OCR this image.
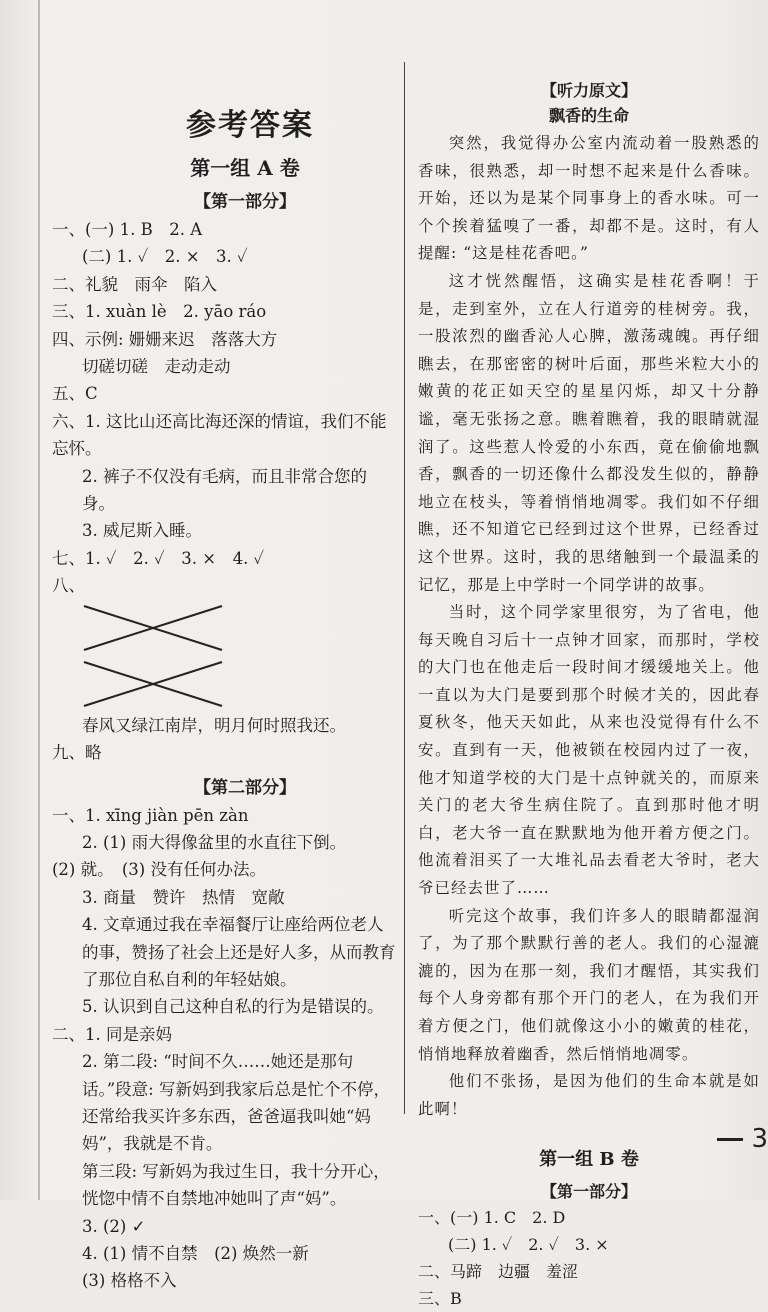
参考答案
第一组 A 卷
【第一部分】
一、(一) 1. B　2. A
(二) 1. ✓　2. ×　3. ✓
二、礼貌　雨伞　陷入
三、1. xuàn lè　2. yāo ráo
四、示例: 姗姗来迟　落落大方
切磋切磋　走动走动
五、C
六、1. 这比山还高比海还深的情谊，我们不能忘怀。
2. 裤子不仅没有毛病，而且非常合您的身。
3. 威尼斯入睡。
七、1. ✓　2. ✓　3. ×　4. ✓
八、
春风又绿江南岸，明月何时照我还。
九、略
【第二部分】
一、1. xīng jiàn pēn zàn
2. (1) 雨大得像盆里的水直往下倒。
(2) 就。　(3) 没有任何办法。
3. 商量　赞许　热情　宽敞
4. 文章通过我在幸福餐厅让座给两位老人的事，赞扬了社会上还是好人多，从而教育了那位自私自利的年轻姑娘。
5. 认识到自己这种自私的行为是错误的。
二、1. 同是亲妈
2. 第二段: “时间不久……她还是那句话。”段意: 写新妈到我家后总是忙个不停，还常给我买许多东西，爸爸逼我叫她“妈妈”，我就是不肯。
第三段: 写新妈为我过生日，我十分开心，恍惚中情不自禁地冲她叫了声“妈”。
3. (2) ✓
4. (1) 情不自禁　(2) 焕然一新
(3) 格格不入
【听力原文】
飘香的生命

突然，我觉得办公室内流动着一股熟悉的香味，很熟悉，却一时想不起来是什么香味。开始，还以为是某个同事身上的香水味。可一个个挨着猛嗅了一番，却都不是。这时，有人提醒: “这是桂花香吧。”

这才恍然醒悟，这确实是桂花香啊！于是，走到室外，立在人行道旁的桂树旁。我，一股浓烈的幽香沁人心脾，激荡魂魄。再仔细瞧去，在那密密的树叶后面，那些米粒大小的嫩黄的花正如天空的星星闪烁，却又十分静谧，毫无张扬之意。瞧着瞧着，我的眼睛就湿润了。这些惹人怜爱的小东西，竟在偷偷地飘香，飘香的一切还像什么都没发生似的，静静地立在枝头，等着悄悄地凋零。我们如不仔细瞧，还不知道它已经到过这个世界，已经香过这个世界。这时，我的思绪触到一个最温柔的记忆，那是上中学时一个同学讲的故事。

当时，这个同学家里很穷，为了省电，他每天晚自习后十一点钟才回家，而那时，学校的大门也在他走后一段时间才缓缓地关上。他一直以为大门是要到那个时候才关的，因此春夏秋冬，他天天如此，从来也没觉得有什么不安。直到有一天，他被锁在校园内过了一夜，他才知道学校的大门是十点钟就关的，而原来关门的老大爷生病住院了。直到那时他才明白，老大爷一直在默默地为他开着方便之门。他流着泪买了一大堆礼品去看老大爷时，老大爷已经去世了……

听完这个故事，我们许多人的眼睛都湿润了，为了那个默默行善的老人。我们的心湿漉漉的，因为在那一刻，我们才醒悟，其实我们每个人身旁都有那个开门的老人，在为我们开着方便之门，他们就像这小小的嫩黄的桂花，悄悄地释放着幽香，然后悄悄地凋零。

他们不张扬，是因为他们的生命本就是如此啊！

第一组 B 卷
【第一部分】
一、(一) 1. C　2. D
(二) 1. ✓　2. ✓　3. ×
二、马蹄　边疆　羞涩
三、B
3
